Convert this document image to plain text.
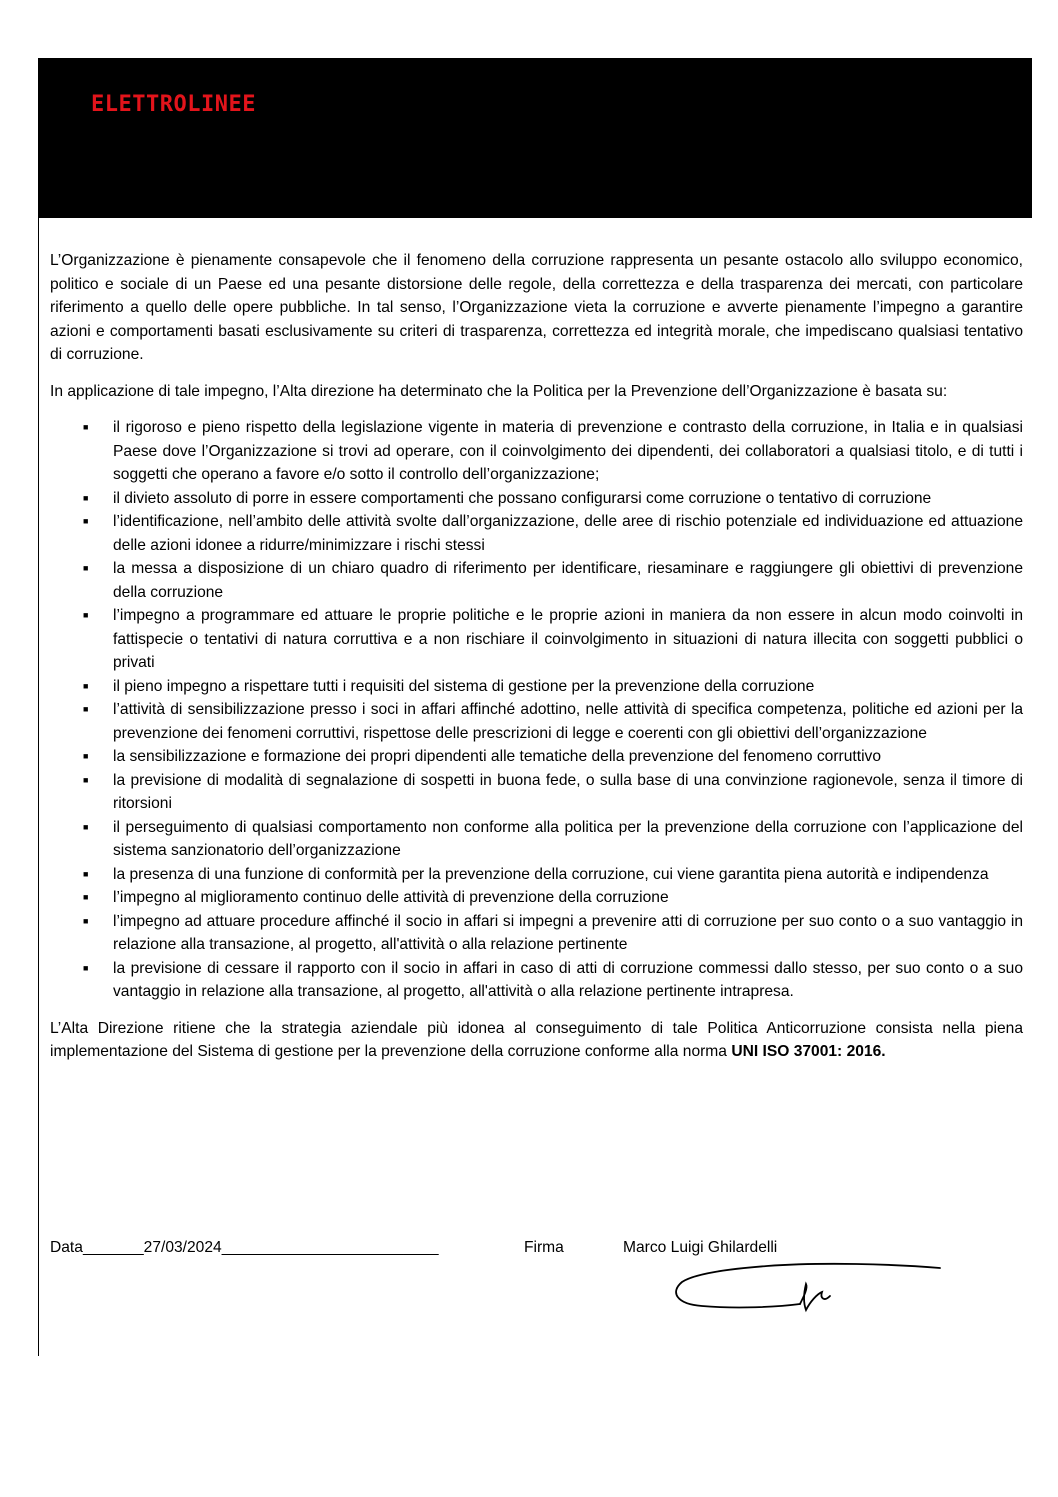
ELETTROLINEE

L’Organizzazione è pienamente consapevole che il fenomeno della corruzione rappresenta un pesante ostacolo allo sviluppo economico, politico e sociale di un Paese ed una pesante distorsione delle regole, della correttezza e della trasparenza dei mercati, con particolare riferimento a quello delle opere pubbliche. In tal senso, l’Organizzazione vieta la corruzione e avverte pienamente l’impegno a garantire azioni e comportamenti basati esclusivamente su criteri di trasparenza, correttezza ed integrità morale, che impediscano qualsiasi tentativo di corruzione.

In applicazione di tale impegno, l’Alta direzione ha determinato che la Politica per la Prevenzione dell’Organizzazione è basata su:

■ il rigoroso e pieno rispetto della legislazione vigente in materia di prevenzione e contrasto della corruzione, in Italia e in qualsiasi Paese dove l’Organizzazione si trovi ad operare, con il coinvolgimento dei dipendenti, dei collaboratori a qualsiasi titolo, e di tutti i soggetti che operano a favore e/o sotto il controllo dell’organizzazione;
■ il divieto assoluto di porre in essere comportamenti che possano configurarsi come corruzione o tentativo di corruzione
■ l’identificazione, nell’ambito delle attività svolte dall’organizzazione, delle aree di rischio potenziale ed individuazione ed attuazione delle azioni idonee a ridurre/minimizzare i rischi stessi
■ la messa a disposizione di un chiaro quadro di riferimento per identificare, riesaminare e raggiungere gli obiettivi di prevenzione della corruzione
■ l’impegno a programmare ed attuare le proprie politiche e le proprie azioni in maniera da non essere in alcun modo coinvolti in fattispecie o tentativi di natura corruttiva e a non rischiare il coinvolgimento in situazioni di natura illecita con soggetti pubblici o privati
■ il pieno impegno a rispettare tutti i requisiti del sistema di gestione per la prevenzione della corruzione
■ l’attività di sensibilizzazione presso i soci in affari affinché adottino, nelle attività di specifica competenza, politiche ed azioni per la prevenzione dei fenomeni corruttivi, rispettose delle prescrizioni di legge e coerenti con gli obiettivi dell’organizzazione
■ la sensibilizzazione e formazione dei propri dipendenti alle tematiche della prevenzione del fenomeno corruttivo
■ la previsione di modalità di segnalazione di sospetti in buona fede, o sulla base di una convinzione ragionevole, senza il timore di ritorsioni
■ il perseguimento di qualsiasi comportamento non conforme alla politica per la prevenzione della corruzione con l’applicazione del sistema sanzionatorio dell’organizzazione
■ la presenza di una funzione di conformità per la prevenzione della corruzione, cui viene garantita piena autorità e indipendenza
■ l’impegno al miglioramento continuo delle attività di prevenzione della corruzione
■ l’impegno ad attuare procedure affinché il socio in affari si impegni a prevenire atti di corruzione per suo conto o a suo vantaggio in relazione alla transazione, al progetto, all'attività o alla relazione pertinente
■ la previsione di cessare il rapporto con il socio in affari in caso di atti di corruzione commessi dallo stesso, per suo conto o a suo vantaggio in relazione alla transazione, al progetto, all'attività o alla relazione pertinente intrapresa.

L’Alta Direzione ritiene che la strategia aziendale più idonea al conseguimento di tale Politica Anticorruzione consista nella piena implementazione del Sistema di gestione per la prevenzione della corruzione conforme alla norma UNI ISO 37001: 2016.

Data_______27/03/2024_________________________	Firma	Marco Luigi Ghilardelli
